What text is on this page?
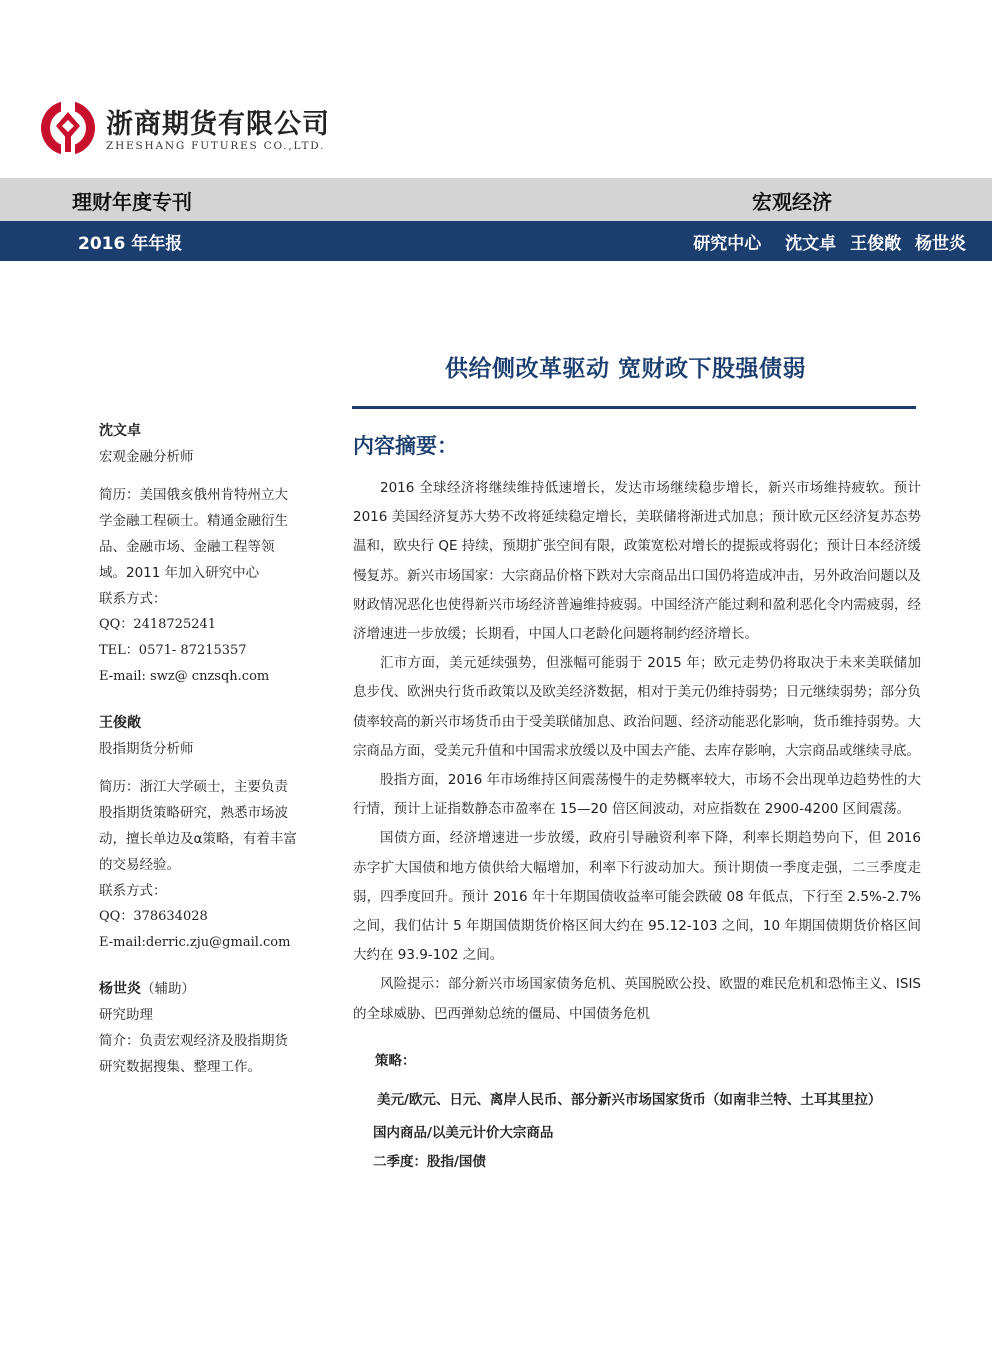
浙商期货有限公司
ZHESHANG FUTURES CO.,LTD.
理财年度专刊	宏观经济
2016 年年报	研究中心 沈文卓 王俊敞 杨世炎
供给侧改革驱动 宽财政下股强债弱
沈文卓
宏观金融分析师
简历：美国俄亥俄州肯特州立大学金融工程硕士。精通金融衍生品、金融市场、金融工程等领域。2011 年加入研究中心
联系方式：
QQ：2418725241
TEL：0571- 87215357
E-mail: swz@ cnzsqh.com
王俊敞
股指期货分析师
简历：浙江大学硕士，主要负责股指期货策略研究，熟悉市场波动，擅长单边及α策略，有着丰富的交易经验。
联系方式：
QQ：378634028
E-mail:derric.zju@gmail.com
杨世炎（辅助）
研究助理
简介：负责宏观经济及股指期货研究数据搜集、整理工作。
内容摘要：

2016 全球经济将继续维持低速增长，发达市场继续稳步增长，新兴市场维持疲软。预计 2016 美国经济复苏大势不改将延续稳定增长，美联储将渐进式加息；预计欧元区经济复苏态势温和，欧央行 QE 持续，预期扩张空间有限，政策宽松对增长的提振或将弱化；预计日本经济缓慢复苏。新兴市场国家：大宗商品价格下跌对大宗商品出口国仍将造成冲击，另外政治问题以及财政情况恶化也使得新兴市场经济普遍维持疲弱。中国经济产能过剩和盈利恶化令内需疲弱，经济增速进一步放缓；长期看，中国人口老龄化问题将制约经济增长。

汇市方面，美元延续强势，但涨幅可能弱于 2015 年；欧元走势仍将取决于未来美联储加息步伐、欧洲央行货币政策以及欧美经济数据，相对于美元仍维持弱势；日元继续弱势；部分负债率较高的新兴市场货币由于受美联储加息、政治问题、经济动能恶化影响，货币维持弱势。大宗商品方面，受美元升值和中国需求放缓以及中国去产能、去库存影响，大宗商品或继续寻底。

股指方面，2016 年市场维持区间震荡慢牛的走势概率较大，市场不会出现单边趋势性的大行情，预计上证指数静态市盈率在 15—20 倍区间波动，对应指数在 2900-4200 区间震荡。

国债方面，经济增速进一步放缓，政府引导融资利率下降，利率长期趋势向下，但 2016 赤字扩大国债和地方债供给大幅增加，利率下行波动加大。预计期债一季度走强，二三季度走弱，四季度回升。预计 2016 年十年期国债收益率可能会跌破 08 年低点，下行至 2.5%-2.7%之间，我们估计 5 年期国债期货价格区间大约在 95.12-103 之间，10 年期国债期货价格区间大约在 93.9-102 之间。

风险提示：部分新兴市场国家债务危机、英国脱欧公投、欧盟的难民危机和恐怖主义、ISIS 的全球威胁、巴西弹劾总统的僵局、中国债务危机

策略：
美元/欧元、日元、离岸人民币、部分新兴市场国家货币（如南非兰特、土耳其里拉）
国内商品/以美元计价大宗商品
二季度：股指/国债
